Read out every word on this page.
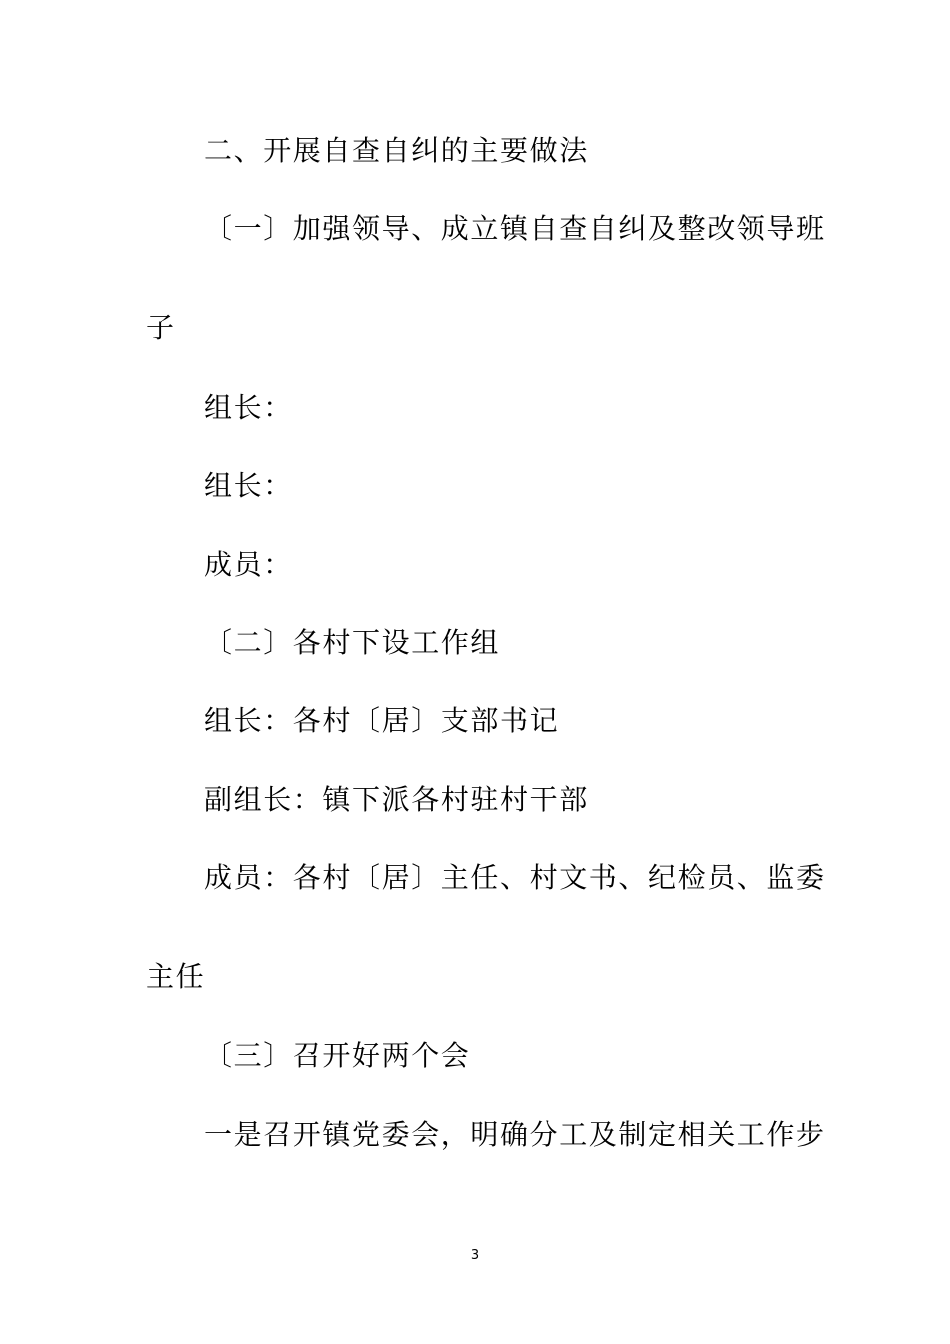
二、开展自查自纠的主要做法
〔一〕加强领导、成立镇自查自纠及整改领导班
子
组长：
组长：
成员：
〔二〕各村下设工作组
组长：各村〔居〕支部书记
副组长：镇下派各村驻村干部
成员：各村〔居〕主任、村文书、纪检员、监委
主任
〔三〕召开好两个会
一是召开镇党委会，明确分工及制定相关工作步
3
